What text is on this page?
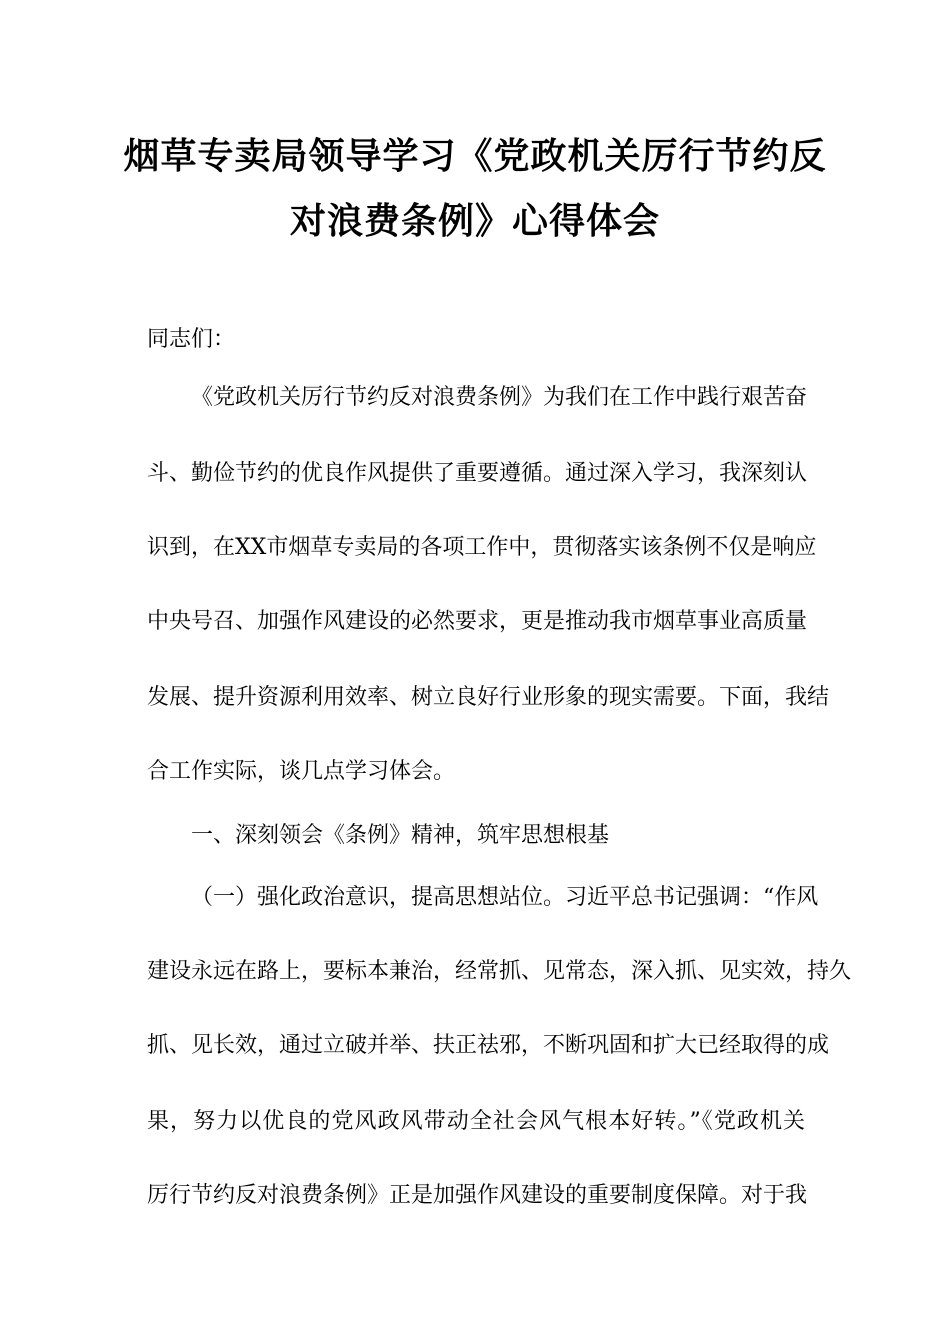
烟草专卖局领导学习《党政机关厉行节约反
对浪费条例》心得体会
同志们：
《党政机关厉行节约反对浪费条例》为我们在工作中践行艰苦奋
斗、勤俭节约的优良作风提供了重要遵循。通过深入学习，我深刻认
识到，在XX市烟草专卖局的各项工作中，贯彻落实该条例不仅是响应
中央号召、加强作风建设的必然要求，更是推动我市烟草事业高质量
发展、提升资源利用效率、树立良好行业形象的现实需要。下面，我结
合工作实际，谈几点学习体会。
一、深刻领会《条例》精神，筑牢思想根基
（一）强化政治意识，提高思想站位。习近平总书记强调：“作风
建设永远在路上，要标本兼治，经常抓、见常态，深入抓、见实效，持久
抓、见长效，通过立破并举、扶正祛邪，不断巩固和扩大已经取得的成
果，努力以优良的党风政风带动全社会风气根本好转。”《党政机关
厉行节约反对浪费条例》正是加强作风建设的重要制度保障。对于我
